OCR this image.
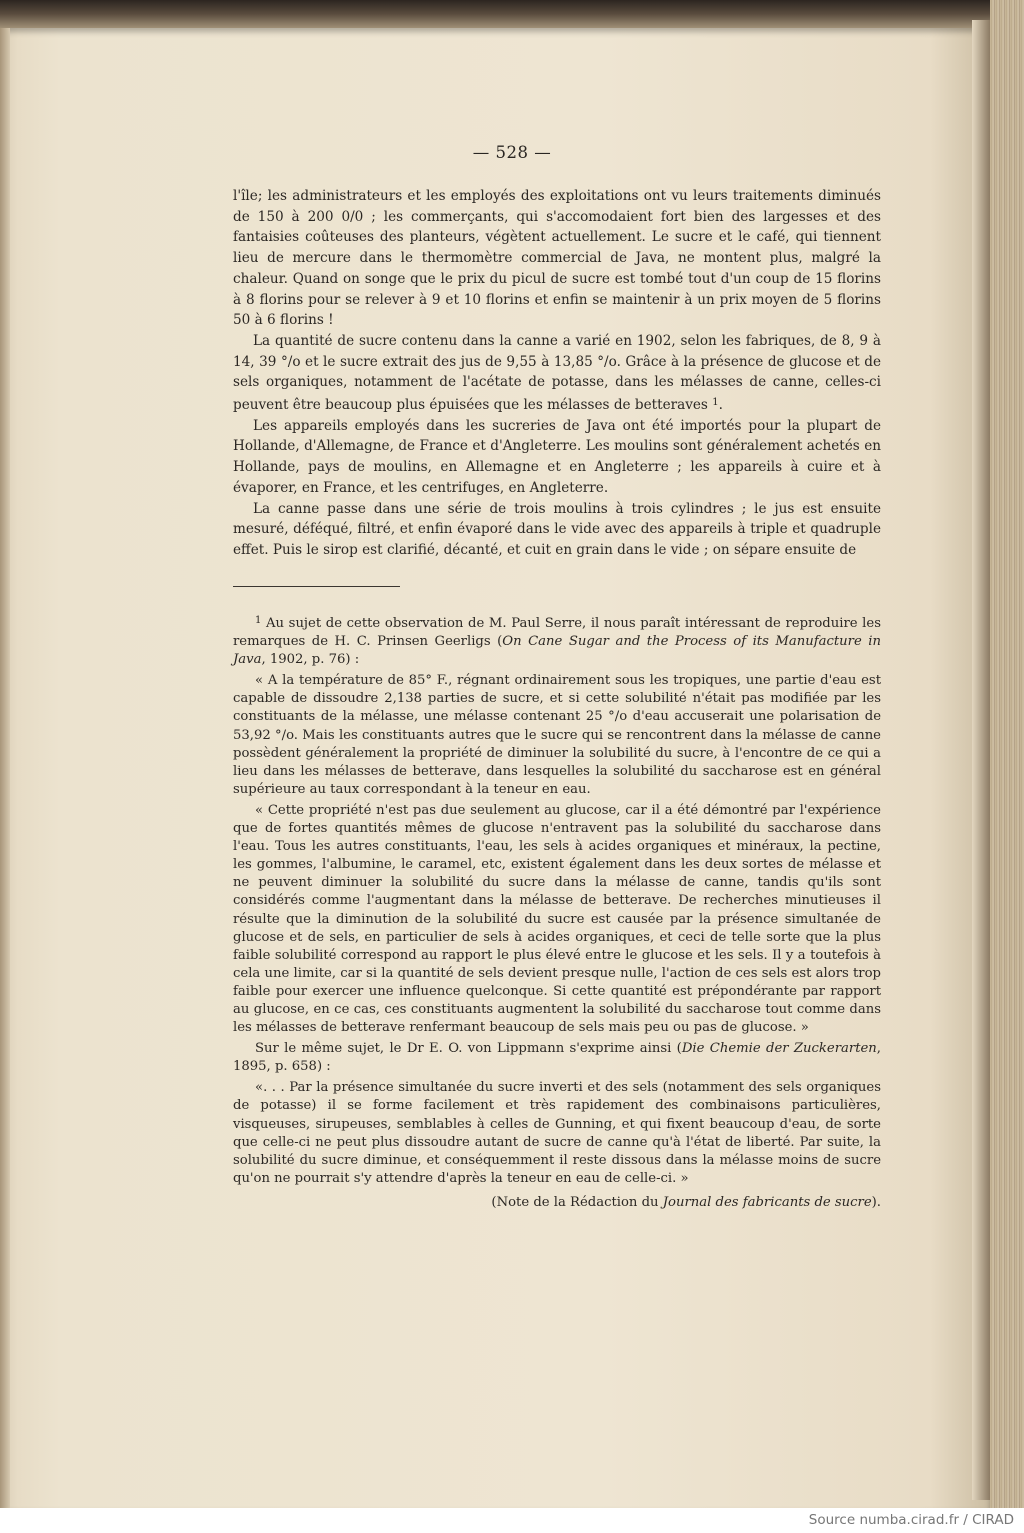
— 528 —

l'île; les administrateurs et les employés des exploitations ont vu leurs traitements diminués de 150 à 200 0/0 ; les commerçants, qui s'accomodaient fort bien des largesses et des fantaisies coûteuses des planteurs, végètent actuellement. Le sucre et le café, qui tiennent lieu de mercure dans le thermomètre commercial de Java, ne montent plus, malgré la chaleur. Quand on songe que le prix du picul de sucre est tombé tout d'un coup de 15 florins à 8 florins pour se relever à 9 et 10 florins et enfin se maintenir à un prix moyen de 5 florins 50 à 6 florins !

La quantité de sucre contenu dans la canne a varié en 1902, selon les fabriques, de 8, 9 à 14, 39 °/o et le sucre extrait des jus de 9,55 à 13,85 °/o. Grâce à la présence de glucose et de sels organiques, notamment de l'acétate de potasse, dans les mélasses de canne, celles-ci peuvent être beaucoup plus épuisées que les mélasses de betteraves $^1$.

Les appareils employés dans les sucreries de Java ont été importés pour la plupart de Hollande, d'Allemagne, de France et d'Angleterre. Les moulins sont généralement achetés en Hollande, pays de moulins, en Allemagne et en Angleterre ; les appareils à cuire et à évaporer, en France, et les centrifuges, en Angleterre.

La canne passe dans une série de trois moulins à trois cylindres ; le jus est ensuite mesuré, déféqué, filtré, et enfin évaporé dans le vide avec des appareils à triple et quadruple effet. Puis le sirop est clarifié, décanté, et cuit en grain dans le vide ; on sépare ensuite de

$^1$ Au sujet de cette observation de M. Paul Serre, il nous paraît intéressant de reproduire les remarques de H. C. Prinsen Geerligs (On Cane Sugar and the Process of its Manufacture in Java, 1902, p. 76) :

« A la température de 85° F., régnant ordinairement sous les tropiques, une partie d'eau est capable de dissoudre 2,138 parties de sucre, et si cette solubilité n'était pas modifiée par les constituants de la mélasse, une mélasse contenant 25 °/o d'eau accuserait une polarisation de 53,92 °/o. Mais les constituants autres que le sucre qui se rencontrent dans la mélasse de canne possèdent généralement la propriété de diminuer la solubilité du sucre, à l'encontre de ce qui a lieu dans les mélasses de betterave, dans lesquelles la solubilité du saccharose est en général supérieure au taux correspondant à la teneur en eau.

« Cette propriété n'est pas due seulement au glucose, car il a été démontré par l'expérience que de fortes quantités mêmes de glucose n'entravent pas la solubilité du saccharose dans l'eau. Tous les autres constituants, l'eau, les sels à acides organiques et minéraux, la pectine, les gommes, l'albumine, le caramel, etc, existent également dans les deux sortes de mélasse et ne peuvent diminuer la solubilité du sucre dans la mélasse de canne, tandis qu'ils sont considérés comme l'augmentant dans la mélasse de betterave. De recherches minutieuses il résulte que la diminution de la solubilité du sucre est causée par la présence simultanée de glucose et de sels, en particulier de sels à acides organiques, et ceci de telle sorte que la plus faible solubilité correspond au rapport le plus élevé entre le glucose et les sels. Il y a toutefois à cela une limite, car si la quantité de sels devient presque nulle, l'action de ces sels est alors trop faible pour exercer une influence quelconque. Si cette quantité est prépondérante par rapport au glucose, en ce cas, ces constituants augmentent la solubilité du saccharose tout comme dans les mélasses de betterave renfermant beaucoup de sels mais peu ou pas de glucose. »

Sur le même sujet, le Dr E. O. von Lippmann s'exprime ainsi (Die Chemie der Zuckerarten, 1895, p. 658) :

«. . . Par la présence simultanée du sucre inverti et des sels (notamment des sels organiques de potasse) il se forme facilement et très rapidement des combinaisons particulières, visqueuses, sirupeuses, semblables à celles de Gunning, et qui fixent beaucoup d'eau, de sorte que celle-ci ne peut plus dissoudre autant de sucre de canne qu'à l'état de liberté. Par suite, la solubilité du sucre diminue, et conséquemment il reste dissous dans la mélasse moins de sucre qu'on ne pourrait s'y attendre d'après la teneur en eau de celle-ci. »

(Note de la Rédaction du Journal des fabricants de sucre).

Source numba.cirad.fr / CIRAD
